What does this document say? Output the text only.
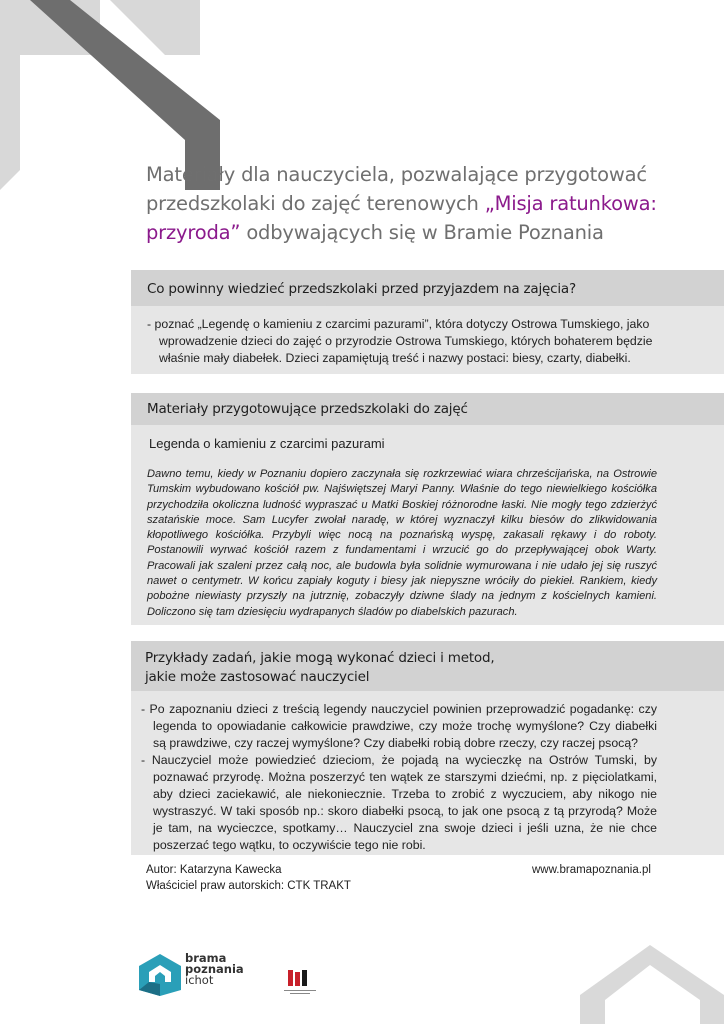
Materiały dla nauczyciela, pozwalające przygotować
przedszkolaki do zajęć terenowych „Misja ratunkowa:
przyroda” odbywających się w Bramie Poznania
Co powinny wiedzieć przedszkolaki przed przyjazdem na zajęcia?

- poznać „Legendę o kamieniu z czarcimi pazurami”, która dotyczy Ostrowa Tumskiego, jako wprowadzenie dzieci do zajęć o przyrodzie Ostrowa Tumskiego, których bohaterem będzie właśnie mały diabełek. Dzieci zapamiętują treść i nazwy postaci: biesy, czarty, diabełki.

Materiały przygotowujące przedszkolaki do zajęć
Legenda o kamieniu z czarcimi pazurami
Dawno temu, kiedy w Poznaniu dopiero zaczynała się rozkrzewiać wiara chrześcijańska, na Ostrowie Tumskim wybudowano kościół pw. Najświętszej Maryi Panny. Właśnie do tego niewielkiego kościółka przychodziła okoliczna ludność wypraszać u Matki Boskiej różnorodne łaski. Nie mogły tego zdzierżyć szatańskie moce. Sam Lucyfer zwołał naradę, w której wyznaczył kilku biesów do zlikwidowania kłopotliwego kościółka. Przybyli więc nocą na poznańską wyspę, zakasali rękawy i do roboty. Postanowili wyrwać kościół razem z fundamentami i wrzucić go do przepływającej obok Warty. Pracowali jak szaleni przez całą noc, ale budowla była solidnie wymurowana i nie udało jej się ruszyć nawet o centymetr. W końcu zapiały koguty i biesy jak niepyszne wróciły do piekieł. Rankiem, kiedy pobożne niewiasty przyszły na jutrznię, zobaczyły dziwne ślady na jednym z kościelnych kamieni. Doliczono się tam dziesięciu wydrapanych śladów po diabelskich pazurach.
Przykłady zadań, jakie mogą wykonać dzieci i metod,
jakie może zastosować nauczyciel

- Po zapoznaniu dzieci z treścią legendy nauczyciel powinien przeprowadzić pogadankę: czy legenda to opowiadanie całkowicie prawdziwe, czy może trochę wymyślone? Czy diabełki są prawdziwe, czy raczej wymyślone? Czy diabełki robią dobre rzeczy, czy raczej psocą?

- Nauczyciel może powiedzieć dzieciom, że pojadą na wycieczkę na Ostrów Tumski, by poznawać przyrodę. Można poszerzyć ten wątek ze starszymi dziećmi, np. z pięciolatkami, aby dzieci zaciekawić, ale niekoniecznie. Trzeba to zrobić z wyczuciem, aby nikogo nie wystraszyć. W taki sposób np.: skoro diabełki psocą, to jak one psocą z tą przyrodą? Może je tam, na wycieczce, spotkamy… Nauczyciel zna swoje dzieci i jeśli uzna, że nie chce poszerzać tego wątku, to oczywiście tego nie robi.

Autor: Katarzyna Kawecka
Właściciel praw autorskich: CTK TRAKT
www.bramapoznania.pl
brama
poznania
ichot
